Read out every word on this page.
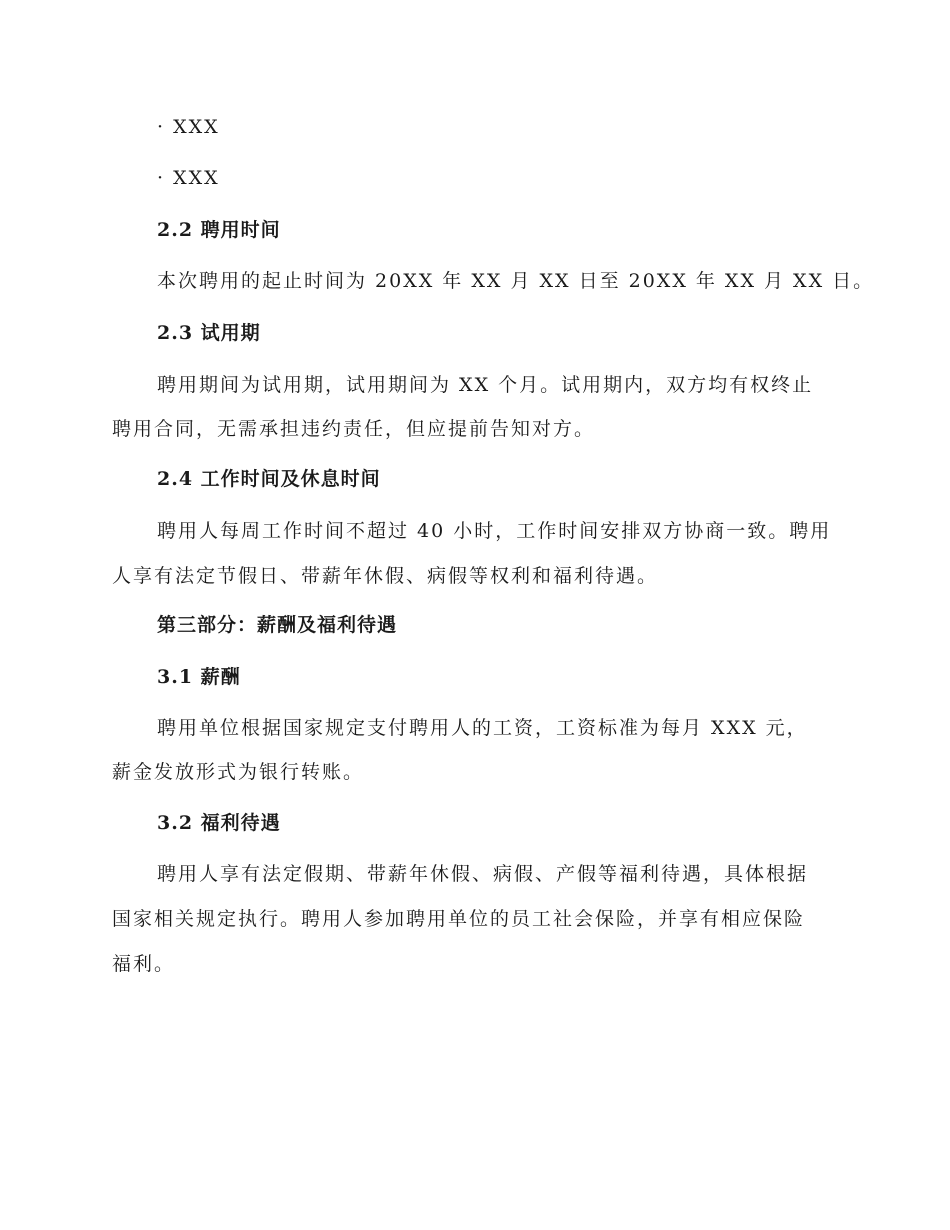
· XXX
· XXX
2.2 聘用时间
本次聘用的起止时间为 20XX 年 XX 月 XX 日至 20XX 年 XX 月 XX 日。
2.3 试用期
聘用期间为试用期，试用期间为 XX 个月。试用期内，双方均有权终止
聘用合同，无需承担违约责任，但应提前告知对方。
2.4 工作时间及休息时间
聘用人每周工作时间不超过 40 小时，工作时间安排双方协商一致。聘用
人享有法定节假日、带薪年休假、病假等权利和福利待遇。
第三部分：薪酬及福利待遇
3.1 薪酬
聘用单位根据国家规定支付聘用人的工资，工资标准为每月 XXX 元，
薪金发放形式为银行转账。
3.2 福利待遇
聘用人享有法定假期、带薪年休假、病假、产假等福利待遇，具体根据
国家相关规定执行。聘用人参加聘用单位的员工社会保险，并享有相应保险
福利。
